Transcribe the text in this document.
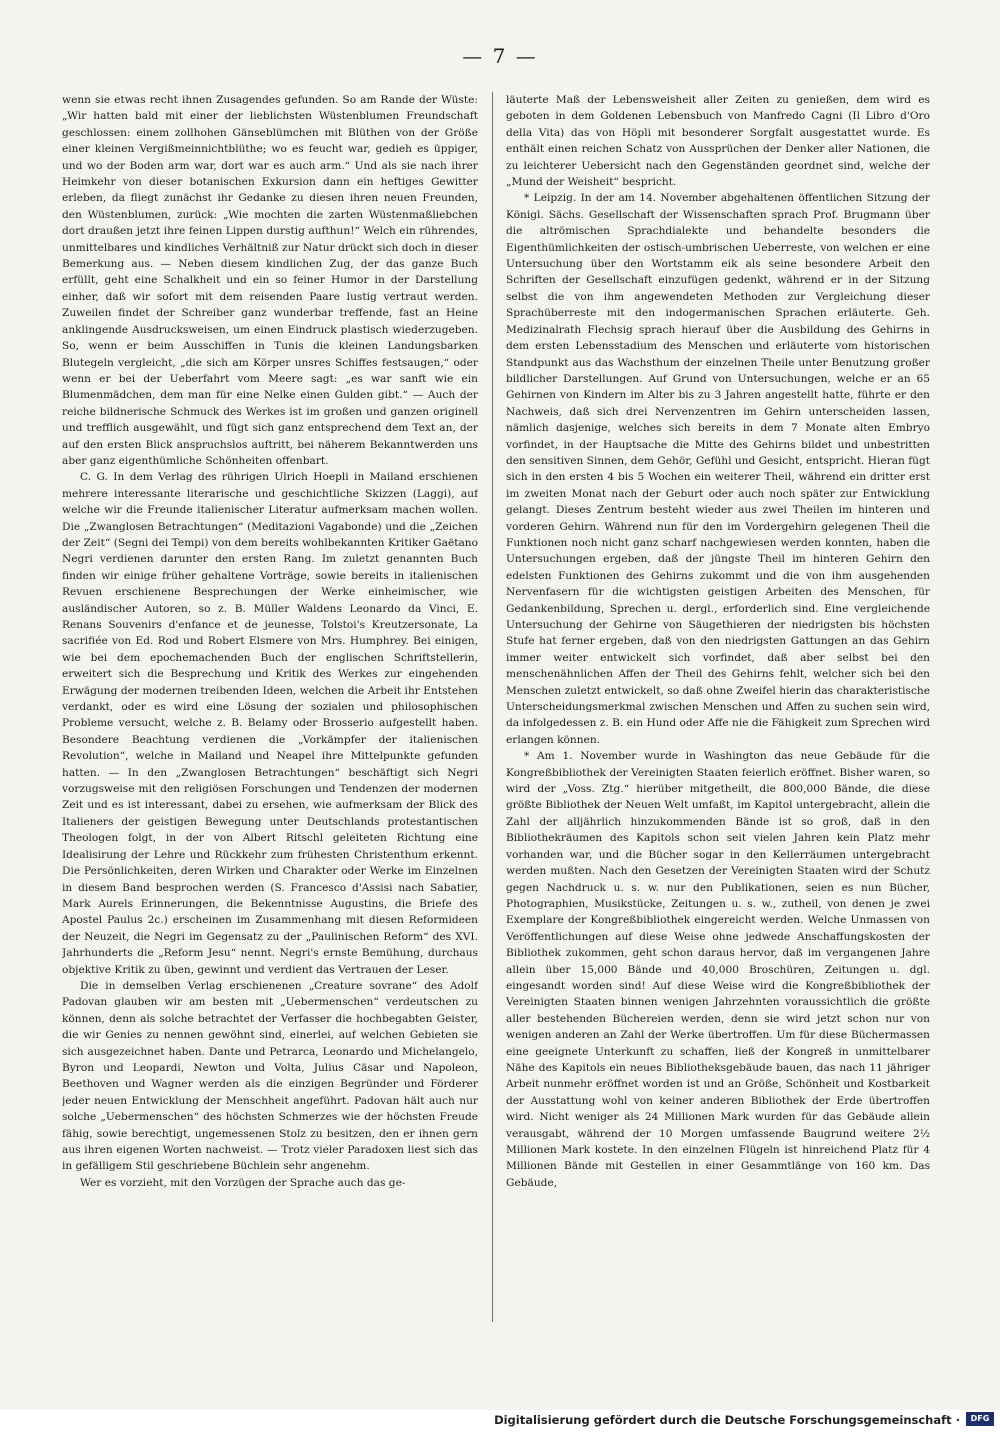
— 7 —

wenn sie etwas recht ihnen Zusagendes gefunden. So am Rande der Wüste: „Wir hatten bald mit einer der lieblichsten Wüstenblumen Freundschaft geschlossen: einem zollhohen Gänseblümchen mit Blüthen von der Größe einer kleinen Vergißmeinnichtblüthe; wo es feucht war, gedieh es üppiger, und wo der Boden arm war, dort war es auch arm.“ Und als sie nach ihrer Heimkehr von dieser botanischen Exkursion dann ein heftiges Gewitter erleben, da fliegt zunächst ihr Gedanke zu diesen ihren neuen Freunden, den Wüstenblumen, zurück: „Wie mochten die zarten Wüstenmaßliebchen dort draußen jetzt ihre feinen Lippen durstig aufthun!“ Welch ein rührendes, unmittelbares und kindliches Verhältniß zur Natur drückt sich doch in dieser Bemerkung aus. — Neben diesem kindlichen Zug, der das ganze Buch erfüllt, geht eine Schalkheit und ein so feiner Humor in der Darstellung einher, daß wir sofort mit dem reisenden Paare lustig vertraut werden. Zuweilen findet der Schreiber ganz wunderbar treffende, fast an Heine anklingende Ausdrucksweisen, um einen Eindruck plastisch wiederzugeben. So, wenn er beim Ausschiffen in Tunis die kleinen Landungsbarken Blutegeln vergleicht, „die sich am Körper unsres Schiffes festsaugen,“ oder wenn er bei der Ueberfahrt vom Meere sagt: „es war sanft wie ein Blumenmädchen, dem man für eine Nelke einen Gulden gibt.“ — Auch der reiche bildnerische Schmuck des Werkes ist im großen und ganzen originell und trefflich ausgewählt, und fügt sich ganz entsprechend dem Text an, der auf den ersten Blick anspruchslos auftritt, bei näherem Bekanntwerden uns aber ganz eigenthümliche Schönheiten offenbart.

C. G. In dem Verlag des rührigen Ulrich Hoepli in Mailand erschienen mehrere interessante literarische und geschichtliche Skizzen (Laggi), auf welche wir die Freunde italienischer Literatur aufmerksam machen wollen. Die „Zwanglosen Betrachtungen“ (Meditazioni Vagabonde) und die „Zeichen der Zeit“ (Segni dei Tempi) von dem bereits wohlbekannten Kritiker Gaëtano Negri verdienen darunter den ersten Rang. Im zuletzt genannten Buch finden wir einige früher gehaltene Vorträge, sowie bereits in italienischen Revuen erschienene Besprechungen der Werke einheimischer, wie ausländischer Autoren, so z. B. Müller Waldens Leonardo da Vinci, E. Renans Souvenirs d'enfance et de jeunesse, Tolstoi's Kreutzersonate, La sacrifiée von Ed. Rod und Robert Elsmere von Mrs. Humphrey. Bei einigen, wie bei dem epochemachenden Buch der englischen Schriftstellerin, erweitert sich die Besprechung und Kritik des Werkes zur eingehenden Erwägung der modernen treibenden Ideen, welchen die Arbeit ihr Entstehen verdankt, oder es wird eine Lösung der sozialen und philosophischen Probleme versucht, welche z. B. Belamy oder Brosserio aufgestellt haben. Besondere Beachtung verdienen die „Vorkämpfer der italienischen Revolution“, welche in Mailand und Neapel ihre Mittelpunkte gefunden hatten. — In den „Zwanglosen Betrachtungen“ beschäftigt sich Negri vorzugsweise mit den religiösen Forschungen und Tendenzen der modernen Zeit und es ist interessant, dabei zu ersehen, wie aufmerksam der Blick des Italieners der geistigen Bewegung unter Deutschlands protestantischen Theologen folgt, in der von Albert Ritschl geleiteten Richtung eine Idealisirung der Lehre und Rückkehr zum frühesten Christenthum erkennt. Die Persönlichkeiten, deren Wirken und Charakter oder Werke im Einzelnen in diesem Band besprochen werden (S. Francesco d'Assisi nach Sabatier, Mark Aurels Erinnerungen, die Bekenntnisse Augustins, die Briefe des Apostel Paulus 2c.) erscheinen im Zusammenhang mit diesen Reformideen der Neuzeit, die Negri im Gegensatz zu der „Paulinischen Reform“ des XVI. Jahrhunderts die „Reform Jesu“ nennt. Negri's ernste Bemühung, durchaus objektive Kritik zu üben, gewinnt und verdient das Vertrauen der Leser.

Die in demselben Verlag erschienenen „Creature sovrane“ des Adolf Padovan glauben wir am besten mit „Uebermenschen“ verdeutschen zu können, denn als solche betrachtet der Verfasser die hochbegabten Geister, die wir Genies zu nennen gewöhnt sind, einerlei, auf welchen Gebieten sie sich ausgezeichnet haben. Dante und Petrarca, Leonardo und Michelangelo, Byron und Leopardi, Newton und Volta, Julius Cäsar und Napoleon, Beethoven und Wagner werden als die einzigen Begründer und Förderer jeder neuen Entwicklung der Menschheit angeführt. Padovan hält auch nur solche „Uebermenschen“ des höchsten Schmerzes wie der höchsten Freude fähig, sowie berechtigt, ungemessenen Stolz zu besitzen, den er ihnen gern aus ihren eigenen Worten nachweist. — Trotz vieler Paradoxen liest sich das in gefälligem Stil geschriebene Büchlein sehr angenehm.

Wer es vorzieht, mit den Vorzügen der Sprache auch das ge-

läuterte Maß der Lebensweisheit aller Zeiten zu genießen, dem wird es geboten in dem Goldenen Lebensbuch von Manfredo Cagni (Il Libro d'Oro della Vita) das von Höpli mit besonderer Sorgfalt ausgestattet wurde. Es enthält einen reichen Schatz von Aussprüchen der Denker aller Nationen, die zu leichterer Uebersicht nach den Gegenständen geordnet sind, welche der „Mund der Weisheit“ bespricht.

* Leipzig. In der am 14. November abgehaltenen öffentlichen Sitzung der Königl. Sächs. Gesellschaft der Wissenschaften sprach Prof. Brugmann über die altrömischen Sprachdialekte und behandelte besonders die Eigenthümlichkeiten der ostisch-umbrischen Ueberreste, von welchen er eine Untersuchung über den Wortstamm eik als seine besondere Arbeit den Schriften der Gesellschaft einzufügen gedenkt, während er in der Sitzung selbst die von ihm angewendeten Methoden zur Vergleichung dieser Sprachüberreste mit den indogermanischen Sprachen erläuterte. Geh. Medizinalrath Flechsig sprach hierauf über die Ausbildung des Gehirns in dem ersten Lebensstadium des Menschen und erläuterte vom historischen Standpunkt aus das Wachsthum der einzelnen Theile unter Benutzung großer bildlicher Darstellungen. Auf Grund von Untersuchungen, welche er an 65 Gehirnen von Kindern im Alter bis zu 3 Jahren angestellt hatte, führte er den Nachweis, daß sich drei Nervenzentren im Gehirn unterscheiden lassen, nämlich dasjenige, welches sich bereits in dem 7 Monate alten Embryo vorfindet, in der Hauptsache die Mitte des Gehirns bildet und unbestritten den sensitiven Sinnen, dem Gehör, Gefühl und Gesicht, entspricht. Hieran fügt sich in den ersten 4 bis 5 Wochen ein weiterer Theil, während ein dritter erst im zweiten Monat nach der Geburt oder auch noch später zur Entwicklung gelangt. Dieses Zentrum besteht wieder aus zwei Theilen im hinteren und vorderen Gehirn. Während nun für den im Vordergehirn gelegenen Theil die Funktionen noch nicht ganz scharf nachgewiesen werden konnten, haben die Untersuchungen ergeben, daß der jüngste Theil im hinteren Gehirn den edelsten Funktionen des Gehirns zukommt und die von ihm ausgehenden Nervenfasern für die wichtigsten geistigen Arbeiten des Menschen, für Gedankenbildung, Sprechen u. dergl., erforderlich sind. Eine vergleichende Untersuchung der Gehirne von Säugethieren der niedrigsten bis höchsten Stufe hat ferner ergeben, daß von den niedrigsten Gattungen an das Gehirn immer weiter entwickelt sich vorfindet, daß aber selbst bei den menschenähnlichen Affen der Theil des Gehirns fehlt, welcher sich bei den Menschen zuletzt entwickelt, so daß ohne Zweifel hierin das charakteristische Unterscheidungsmerkmal zwischen Menschen und Affen zu suchen sein wird, da infolgedessen z. B. ein Hund oder Affe nie die Fähigkeit zum Sprechen wird erlangen können.

* Am 1. November wurde in Washington das neue Gebäude für die Kongreßbibliothek der Vereinigten Staaten feierlich eröffnet. Bisher waren, so wird der „Voss. Ztg.“ hierüber mitgetheilt, die 800,000 Bände, die diese größte Bibliothek der Neuen Welt umfaßt, im Kapitol untergebracht, allein die Zahl der alljährlich hinzukommenden Bände ist so groß, daß in den Bibliothekräumen des Kapitols schon seit vielen Jahren kein Platz mehr vorhanden war, und die Bücher sogar in den Kellerräumen untergebracht werden mußten. Nach den Gesetzen der Vereinigten Staaten wird der Schutz gegen Nachdruck u. s. w. nur den Publikationen, seien es nun Bücher, Photographien, Musikstücke, Zeitungen u. s. w., zutheil, von denen je zwei Exemplare der Kongreßbibliothek eingereicht werden. Welche Unmassen von Veröffentlichungen auf diese Weise ohne jedwede Anschaffungskosten der Bibliothek zukommen, geht schon daraus hervor, daß im vergangenen Jahre allein über 15,000 Bände und 40,000 Broschüren, Zeitungen u. dgl. eingesandt worden sind! Auf diese Weise wird die Kongreßbibliothek der Vereinigten Staaten binnen wenigen Jahrzehnten voraussichtlich die größte aller bestehenden Büchereien werden, denn sie wird jetzt schon nur von wenigen anderen an Zahl der Werke übertroffen. Um für diese Büchermassen eine geeignete Unterkunft zu schaffen, ließ der Kongreß in unmittelbarer Nähe des Kapitols ein neues Bibliotheksgebäude bauen, das nach 11 jähriger Arbeit nunmehr eröffnet worden ist und an Größe, Schönheit und Kostbarkeit der Ausstattung wohl von keiner anderen Bibliothek der Erde übertroffen wird. Nicht weniger als 24 Millionen Mark wurden für das Gebäude allein verausgabt, während der 10 Morgen umfassende Baugrund weitere 2½ Millionen Mark kostete. In den einzelnen Flügeln ist hinreichend Platz für 4 Millionen Bände mit Gestellen in einer Gesammtlänge von 160 km. Das Gebäude,

Digitalisierung gefördert durch die Deutsche Forschungsgemeinschaft ·	DFG
